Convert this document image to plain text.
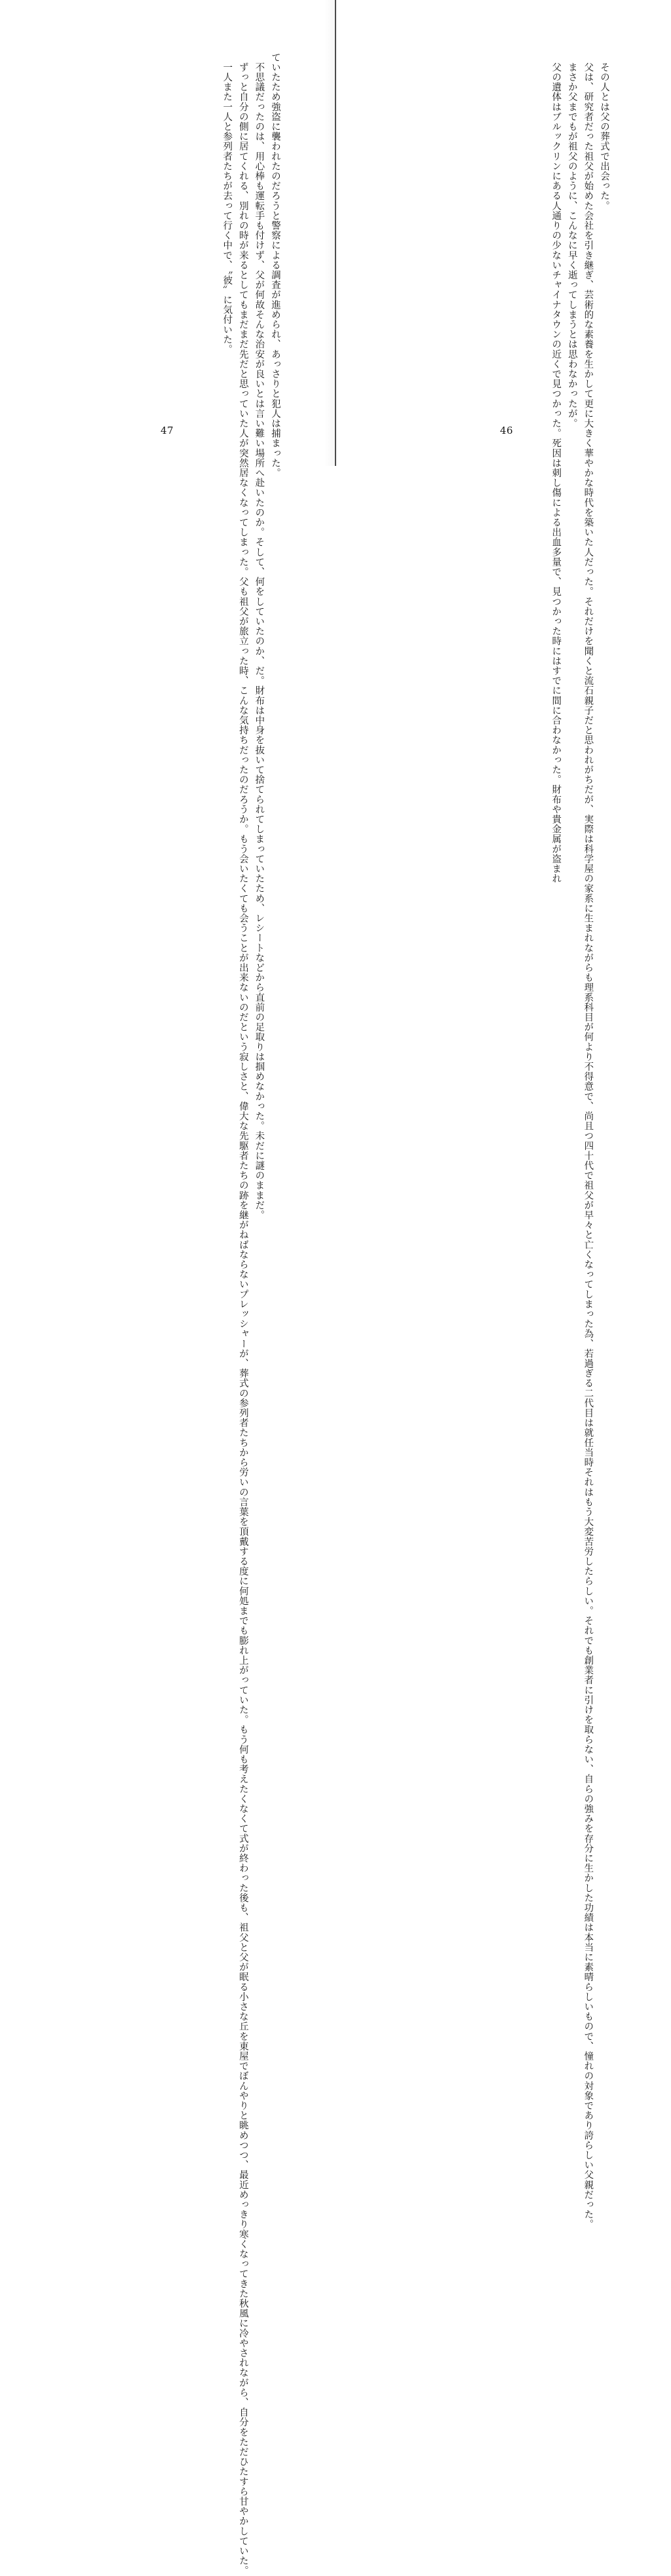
ていたため強盗に襲われたのだろうと警察による調査が進められ、あっさりと犯人は捕まった。
　不思議だったのは、用心棒も運転手も付けず、父が何故そんな治安が良いとは言い難い場所へ赴いたのか。そして、何をしていたのか、だ。財布は中身を抜いて捨てられてしまっていたため、レシートなどから直前の足取りは掴めなかった。未だに謎のままだ。
　ずっと自分の側に居てくれる、別れの時が来るとしてもまだまだ先だと思っていた人が突然居なくなってしまった。父も祖父が旅立った時、こんな気持ちだったのだろうか。もう会いたくても会うことが出来ないのだという寂しさと、偉大な先駆者たちの跡を継がねばならないプレッシャーが、葬式の参列者たちから労いの言葉を頂戴する度に何処までも膨れ上がっていた。もう何も考えたくなくて式が終わった後も、祖父と父が眠る小さな丘を東屋でぼんやりと眺めつつ、最近めっきり寒くなってきた秋風に冷やされながら、自分をただひたすら甘やかしていた。
　一人また一人と参列者たちが去って行く中で、〝彼〟に気付いた。
47
　その人とは父の葬式で出会った。
　父は、研究者だった祖父が始めた会社を引き継ぎ、芸術的な素養を生かして更に大きく華やかな時代を築いた人だった。それだけを聞くと流石親子だと思われがちだが、実際は科学屋の家系に生まれながらも理系科目が何より不得意で、尚且つ四十代で祖父が早々と亡くなってしまった為、若過ぎる二代目は就任当時それはもう大変苦労したらしい。それでも創業者に引けを取らない、自らの強みを存分に生かした功績は本当に素晴らしいもので、憧れの対象であり誇らしい父親だった。
　まさか父までもが祖父のように、こんなに早く逝ってしまうとは思わなかったが。
　父の遺体はブルックリンにある人通りの少ないチャイナタウンの近くで見つかった。死因は刺し傷による出血多量で、見つかった時にはすでに間に合わなかった。財布や貴金属が盗まれ
46
